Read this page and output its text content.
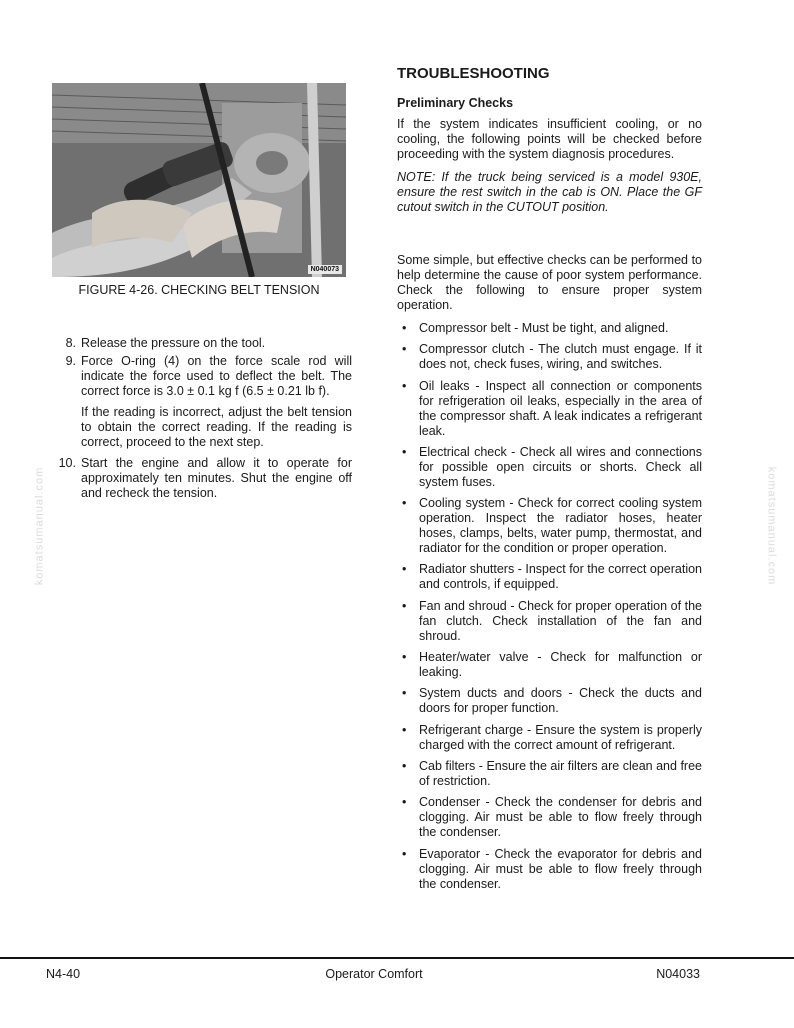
komatsumanual.com	komatsumanual.com
N040073
FIGURE 4-26. CHECKING BELT TENSION
8. Release the pressure on the tool.
9. Force O-ring (4) on the force scale rod will indicate the force used to deflect the belt. The correct force is 3.0 ± 0.1 kg f (6.5 ± 0.21 lb f).
If the reading is incorrect, adjust the belt tension to obtain the correct reading. If the reading is correct, proceed to the next step.
10. Start the engine and allow it to operate for approximately ten minutes. Shut the engine off and recheck the tension.
TROUBLESHOOTING
Preliminary Checks
If the system indicates insufficient cooling, or no cooling, the following points will be checked before proceeding with the system diagnosis procedures.
NOTE: If the truck being serviced is a model 930E, ensure the rest switch in the cab is ON. Place the GF cutout switch in the CUTOUT position.
Some simple, but effective checks can be performed to help determine the cause of poor system performance. Check the following to ensure proper system operation.
•	Compressor belt - Must be tight, and aligned.
•	Compressor clutch - The clutch must engage. If it does not, check fuses, wiring, and switches.
•	Oil leaks - Inspect all connection or components for refrigeration oil leaks, especially in the area of the compressor shaft. A leak indicates a refrigerant leak.
•	Electrical check - Check all wires and connections for possible open circuits or shorts. Check all system fuses.
•	Cooling system - Check for correct cooling system operation. Inspect the radiator hoses, heater hoses, clamps, belts, water pump, thermostat, and radiator for the condition or proper operation.
•	Radiator shutters - Inspect for the correct operation and controls, if equipped.
•	Fan and shroud - Check for proper operation of the fan clutch. Check installation of the fan and shroud.
•	Heater/water valve - Check for malfunction or leaking.
•	System ducts and doors - Check the ducts and doors for proper function.
•	Refrigerant charge - Ensure the system is properly charged with the correct amount of refrigerant.
•	Cab filters - Ensure the air filters are clean and free of restriction.
•	Condenser - Check the condenser for debris and clogging. Air must be able to flow freely through the condenser.
•	Evaporator - Check the evaporator for debris and clogging. Air must be able to flow freely through the condenser.
N4-40	Operator Comfort	N04033
